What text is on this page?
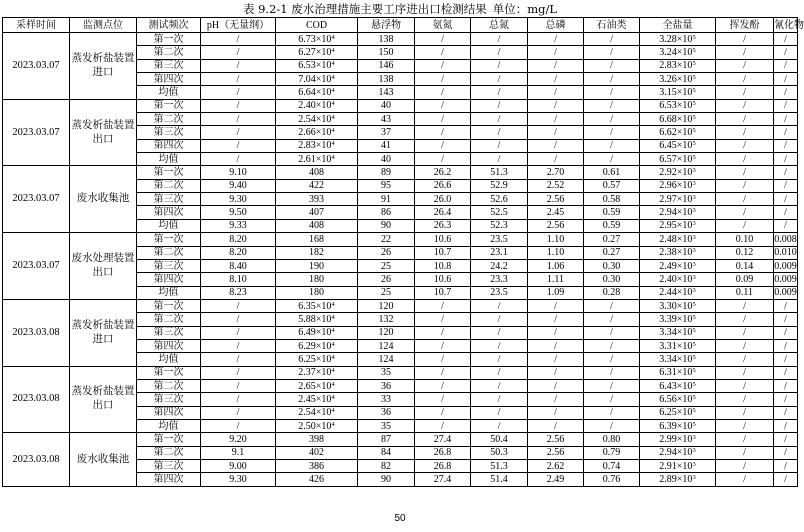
表 9.2-1 废水治理措施主要工序进出口检测结果 单位：mg/L
采样时间	监测点位	测试频次	pH（无量纲）	COD	悬浮物	氨氮	总氮	总磷	石油类	全盐量	挥发酚	氰化物
2023.03.07	蒸发析盐装置进口	第一次	/	$6.73\times 10^4$	138	/	/	/	/	$3.28\times 10^5$	/	/
		第二次	/	$6.27\times 10^4$	150	/	/	/	/	$3.24\times 10^5$	/	/
		第三次	/	$6.53\times 10^4$	146	/	/	/	/	$2.83\times 10^5$	/	/
		第四次	/	$7.04\times 10^4$	138	/	/	/	/	$3.26\times 10^5$	/	/
		均值	/	$6.64\times 10^4$	143	/	/	/	/	$3.15\times 10^5$	/	/
2023.03.07	蒸发析盐装置出口	第一次	/	$2.40\times 10^4$	40	/	/	/	/	$6.53\times 10^5$	/	/
		第二次	/	$2.54\times 10^4$	43	/	/	/	/	$6.68\times 10^5$	/	/
		第三次	/	$2.66\times 10^4$	37	/	/	/	/	$6.62\times 10^5$	/	/
		第四次	/	$2.83\times 10^4$	41	/	/	/	/	$6.45\times 10^5$	/	/
		均值	/	$2.61\times 10^4$	40	/	/	/	/	$6.57\times 10^5$	/	/
2023.03.07	废水收集池	第一次	9.10	408	89	26.2	51.3	2.70	0.61	$2.92\times 10^3$	/	/
		第二次	9.40	422	95	26.6	52.9	2.52	0.57	$2.96\times 10^3$	/	/
		第三次	9.30	393	91	26.0	52.6	2.56	0.58	$2.97\times 10^3$	/	/
		第四次	9.50	407	86	26.4	52.5	2.45	0.59	$2.94\times 10^3$	/	/
		均值	9.33	408	90	26.3	52.3	2.56	0.59	$2.95\times 10^3$	/	/
2023.03.07	废水处理装置出口	第一次	8.20	168	22	10.6	23.5	1.10	0.27	$2.48\times 10^3$	0.10	0.008
		第二次	8.20	182	26	10.7	23.1	1.10	0.27	$2.38\times 10^3$	0.12	0.010
		第三次	8.40	190	25	10.8	24.2	1.06	0.30	$2.49\times 10^3$	0.14	0.009
		第四次	8.10	180	26	10.6	23.3	1.11	0.30	$2.40\times 10^3$	0.09	0.009
		均值	8.23	180	25	10.7	23.5	1.09	0.28	$2.44\times 10^3$	0.11	0.009
2023.03.08	蒸发析盐装置进口	第一次	/	$6.35\times 10^4$	120	/	/	/	/	$3.30\times 10^5$	/	/
		第二次	/	$5.88\times 10^4$	132	/	/	/	/	$3.39\times 10^5$	/	/
		第三次	/	$6.49\times 10^4$	120	/	/	/	/	$3.34\times 10^5$	/	/
		第四次	/	$6.29\times 10^4$	124	/	/	/	/	$3.31\times 10^5$	/	/
		均值	/	$6.25\times 10^4$	124	/	/	/	/	$3.34\times 10^5$	/	/
2023.03.08	蒸发析盐装置出口	第一次	/	$2.37\times 10^4$	35	/	/	/	/	$6.31\times 10^5$	/	/
		第二次	/	$2.65\times 10^4$	36	/	/	/	/	$6.43\times 10^5$	/	/
		第三次	/	$2.45\times 10^4$	33	/	/	/	/	$6.56\times 10^5$	/	/
		第四次	/	$2.54\times 10^4$	36	/	/	/	/	$6.25\times 10^5$	/	/
		均值	/	$2.50\times 10^4$	35	/	/	/	/	$6.39\times 10^5$	/	/
2023.03.08	废水收集池	第一次	9.20	398	87	27.4	50.4	2.56	0.80	$2.99\times 10^3$	/	/
		第二次	9.1	402	84	26.8	50.3	2.56	0.79	$2.94\times 10^3$	/	/
		第三次	9.00	386	82	26.8	51.3	2.62	0.74	$2.91\times 10^3$	/	/
		第四次	9.30	426	90	27.4	51.4	2.49	0.76	$2.89\times 10^3$	/	/
50
